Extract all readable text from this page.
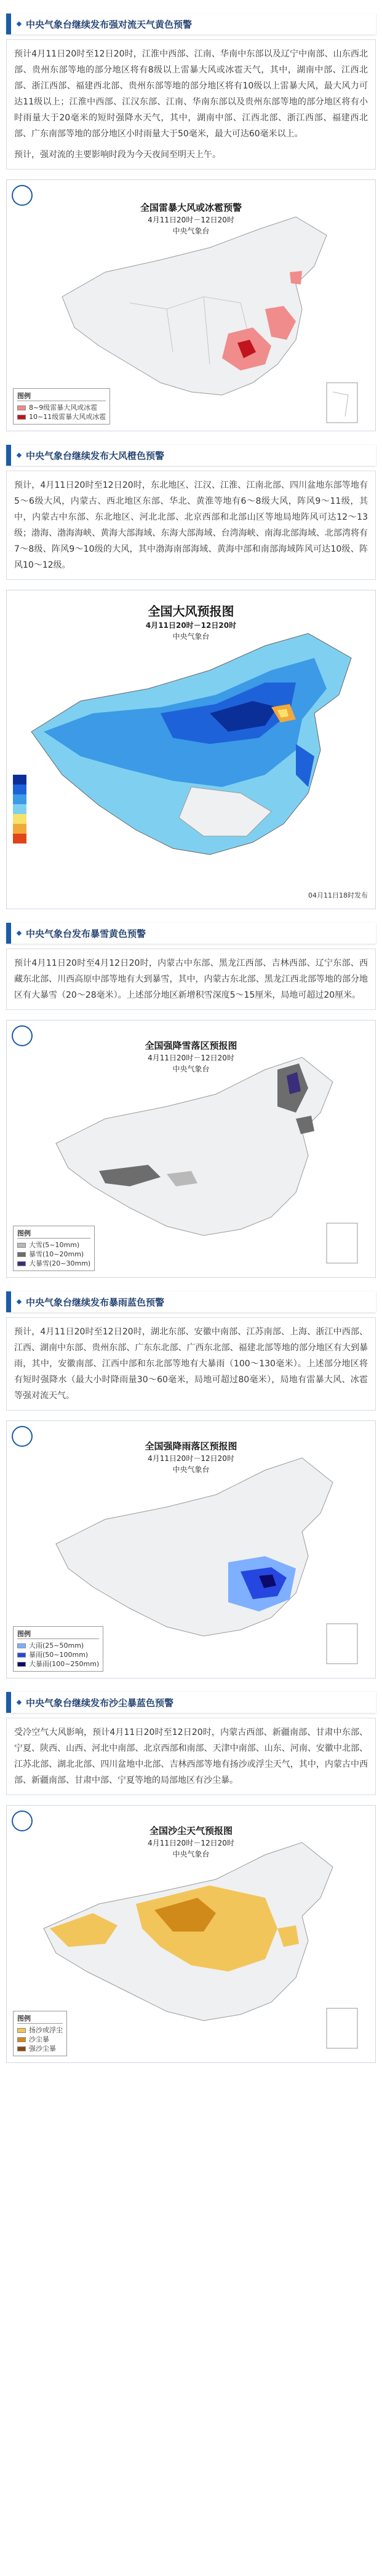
中央气象台继续发布强对流天气黄色预警

预计4月11日20时至12日20时，江淮中西部、江南、华南中东部以及辽宁中南部、山东西北部、贵州东部等地的部分地区将有8级以上雷暴大风或冰雹天气，其中，湖南中部、江西北部、浙江西部、福建西北部、贵州东部等地的部分地区将有10级以上雷暴大风，最大风力可达11级以上；江淮中西部、江汉东部、江南、华南东部以及贵州东部等地的部分地区将有小时雨量大于20毫米的短时强降水天气，其中，湖南中部、江西北部、浙江西部、福建西北部、广东南部等地的部分地区小时雨量大于50毫米，最大可达60毫米以上。

预计，强对流的主要影响时段为今天夜间至明天上午。

全国雷暴大风或冰雹预警
4月11日20时－12日20时
中央气象台
图例
8~9级雷暴大风或冰雹
10~11级雷暴大风或冰雹
中央气象台继续发布大风橙色预警

预计，4月11日20时至12日20时，东北地区、江汉、江淮、江南北部、四川盆地东部等地有5～6级大风，内蒙古、西北地区东部、华北、黄淮等地有6～8级大风，阵风9～11级，其中，内蒙古中东部、东北地区、河北北部、北京西部和北部山区等地局地阵风可达12～13级；渤海、渤海海峡、黄海大部海域、东海大部海域、台湾海峡、南海北部海域、北部湾将有7～8级、阵风9～10级的大风，其中渤海南部海域、黄海中部和南部海域阵风可达10级、阵风10～12级。

全国大风预报图
4月11日20时－12日20时
中央气象台
04月11日18时发布
中央气象台发布暴雪黄色预警

预计4月11日20时至4月12日20时，内蒙古中东部、黑龙江西部、吉林西部、辽宁东部、西藏东北部、川西高原中部等地有大到暴雪，其中，内蒙古东北部、黑龙江西北部等地的部分地区有大暴雪（20～28毫米）。上述部分地区新增积雪深度5～15厘米，局地可超过20厘米。

全国强降雪落区预报图
4月11日20时－12日20时
中央气象台
图例
大雪(5~10mm)
暴雪(10~20mm)
大暴雪(20~30mm)
中央气象台继续发布暴雨蓝色预警

预计，4月11日20时至12日20时，湖北东部、安徽中南部、江苏南部、上海、浙江中西部、江西、湖南中东部、贵州东部、广东东北部、广西东北部、福建北部等地的部分地区有大到暴雨，其中，安徽南部、江西中部和东北部等地有大暴雨（100～130毫米）。上述部分地区将有短时强降水（最大小时降雨量30～60毫米，局地可超过80毫米），局地有雷暴大风、冰雹等强对流天气。

全国强降雨落区预报图
4月11日20时－12日20时
中央气象台
图例
大雨(25~50mm)
暴雨(50~100mm)
大暴雨(100~250mm)
中央气象台继续发布沙尘暴蓝色预警

受冷空气大风影响，预计4月11日20时至12日20时，内蒙古西部、新疆南部、甘肃中东部、宁夏、陕西、山西、河北中南部、北京西部和南部、天津中南部、山东、河南、安徽中北部、江苏北部、湖北北部、四川盆地中北部、吉林西部等地有扬沙或浮尘天气，其中，内蒙古中西部、新疆南部、甘肃中部、宁夏等地的局部地区有沙尘暴。

全国沙尘天气预报图
4月11日20时－12日20时
中央气象台
图例
扬沙或浮尘
沙尘暴
强沙尘暴
